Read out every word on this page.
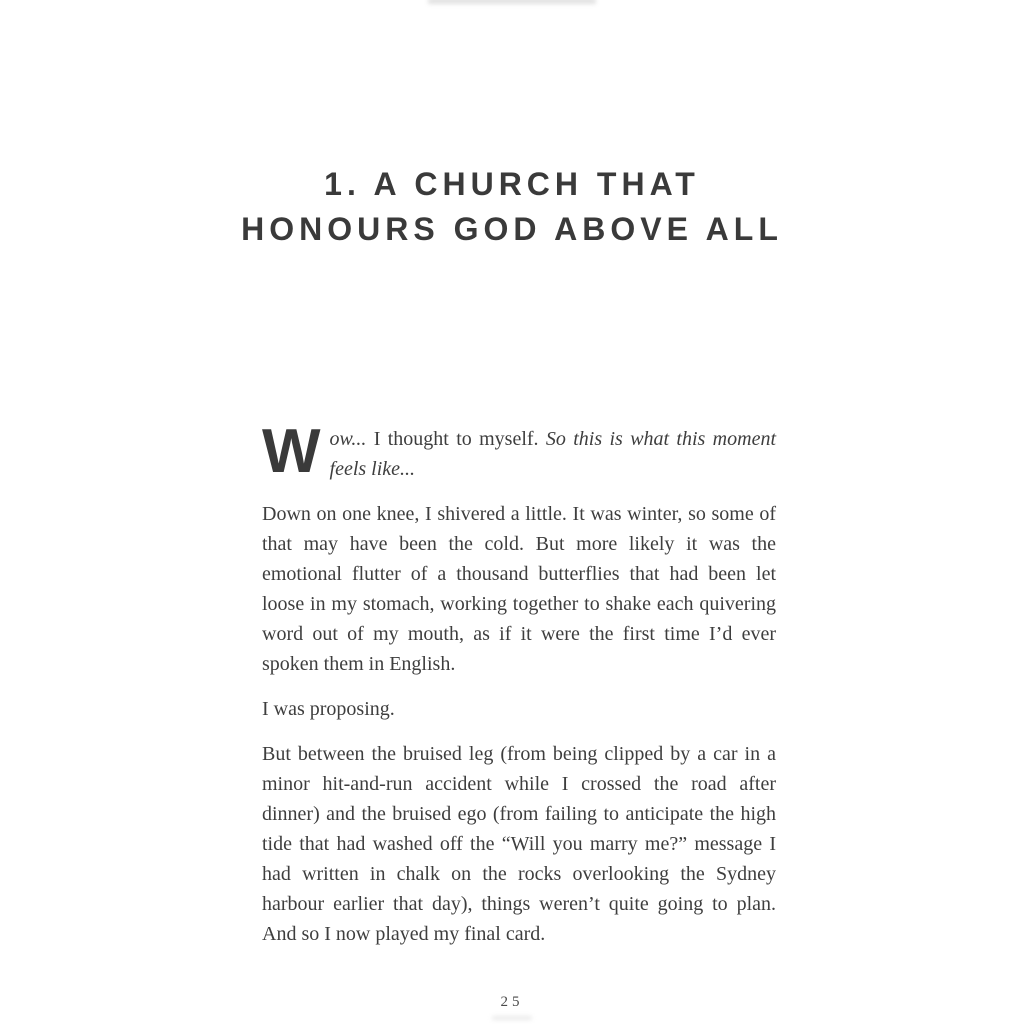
1. A CHURCH THAT
HONOURS GOD ABOVE ALL

Wow... I thought to myself. So this is what this moment feels like...

Down on one knee, I shivered a little. It was winter, so some of that may have been the cold. But more likely it was the emotional flutter of a thousand butterflies that had been let loose in my stomach, working together to shake each quivering word out of my mouth, as if it were the first time I’d ever spoken them in English.

I was proposing.

But between the bruised leg (from being clipped by a car in a minor hit-and-run accident while I crossed the road after dinner) and the bruised ego (from failing to anticipate the high tide that had washed off the “Will you marry me?” message I had written in chalk on the rocks overlooking the Sydney harbour earlier that day), things weren’t quite going to plan. And so I now played my final card.

25
